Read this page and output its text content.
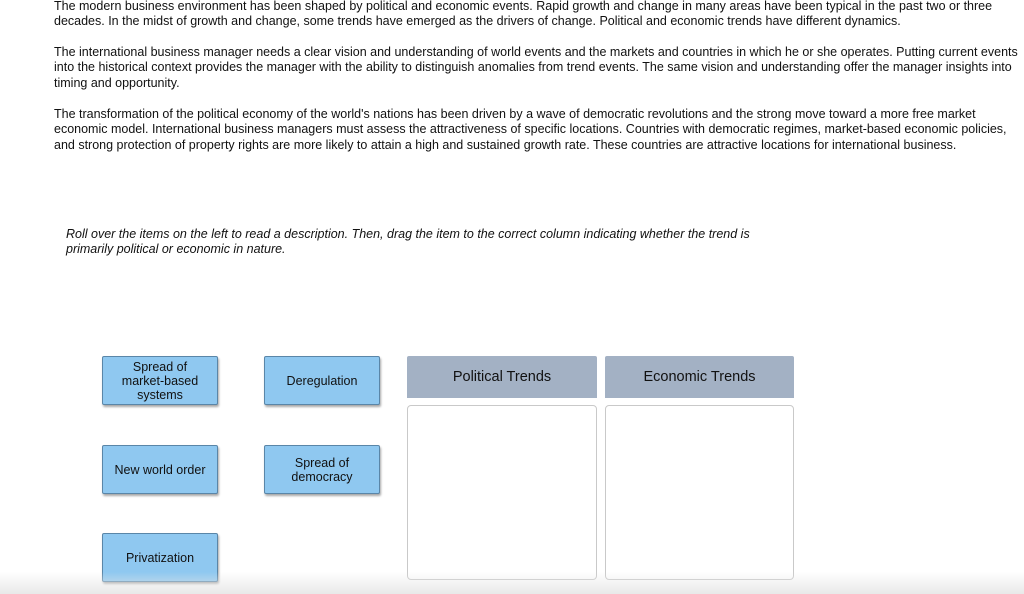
The modern business environment has been shaped by political and economic events. Rapid growth and change in many areas have been typical in the past two or three decades. In the midst of growth and change, some trends have emerged as the drivers of change. Political and economic trends have different dynamics.

The international business manager needs a clear vision and understanding of world events and the markets and countries in which he or she operates. Putting current events into the historical context provides the manager with the ability to distinguish anomalies from trend events. The same vision and understanding offer the manager insights into timing and opportunity.

The transformation of the political economy of the world's nations has been driven by a wave of democratic revolutions and the strong move toward a more free market economic model. International business managers must assess the attractiveness of specific locations. Countries with democratic regimes, market-based economic policies, and strong protection of property rights are more likely to attain a high and sustained growth rate. These countries are attractive locations for international business.

Roll over the items on the left to read a description. Then, drag the item to the correct column indicating whether the trend is primarily political or economic in nature.

Spread of market-based systems
Deregulation
New world order	Spread of democracy
Privatization
Political Trends	Economic Trends
